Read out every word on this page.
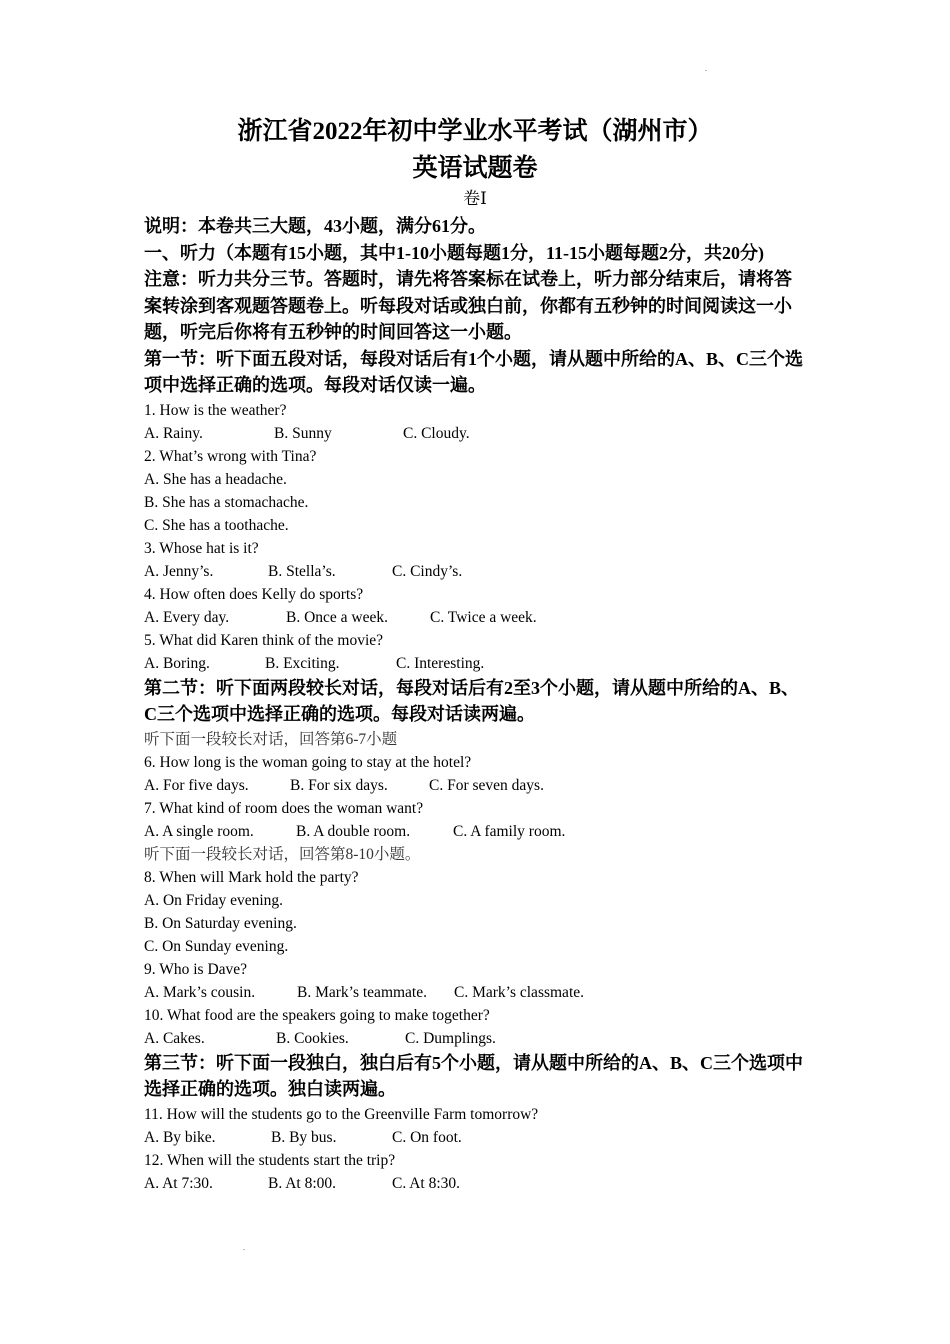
浙江省2022年初中学业水平考试（湖州市）
英语试题卷
卷Ⅰ

说明：本卷共三大题，43小题，满分61分。

一、听力（本题有15小题，其中1-10小题每题1分，11-15小题每题2分，共20分)

注意：听力共分三节。答题时，请先将答案标在试卷上，听力部分结束后，请将答案转涂到客观题答题卷上。听每段对话或独白前，你都有五秒钟的时间阅读这一小题，听完后你将有五秒钟的时间回答这一小题。

第一节：听下面五段对话，每段对话后有1个小题，请从题中所给的A、B、C三个选项中选择正确的选项。每段对话仅读一遍。

1. How is the weather?

A. Rainy.	B. Sunny	C. Cloudy.

2. What’s wrong with Tina?

A. She has a headache.

B. She has a stomachache.

C. She has a toothache.

3. Whose hat is it?

A. Jenny’s.	B. Stella’s.	C. Cindy’s.

4. How often does Kelly do sports?

A. Every day.	B. Once a week.	C. Twice a week.

5. What did Karen think of the movie?

A. Boring.	B. Exciting.	C. Interesting.

第二节：听下面两段较长对话，每段对话后有2至3个小题，请从题中所给的A、B、C三个选项中选择正确的选项。每段对话读两遍。

听下面一段较长对话，回答第6-7小题

6. How long is the woman going to stay at the hotel?

A. For five days.	B. For six days.	C. For seven days.

7. What kind of room does the woman want?

A. A single room.	B. A double room.	C. A family room.

听下面一段较长对话，回答第8-10小题。

8. When will Mark hold the party?

A. On Friday evening.

B. On Saturday evening.

C. On Sunday evening.

9. Who is Dave?

A. Mark’s cousin.	B. Mark’s teammate.	C. Mark’s classmate.

10. What food are the speakers going to make together?

A. Cakes.	B. Cookies.	C. Dumplings.

第三节：听下面一段独白，独白后有5个小题，请从题中所给的A、B、C三个选项中选择正确的选项。独白读两遍。

11. How will the students go to the Greenville Farm tomorrow?

A. By bike.	B. By bus.	C. On foot.

12. When will the students start the trip?

A. At 7:30.	B. At 8:00.	C. At 8:30.
